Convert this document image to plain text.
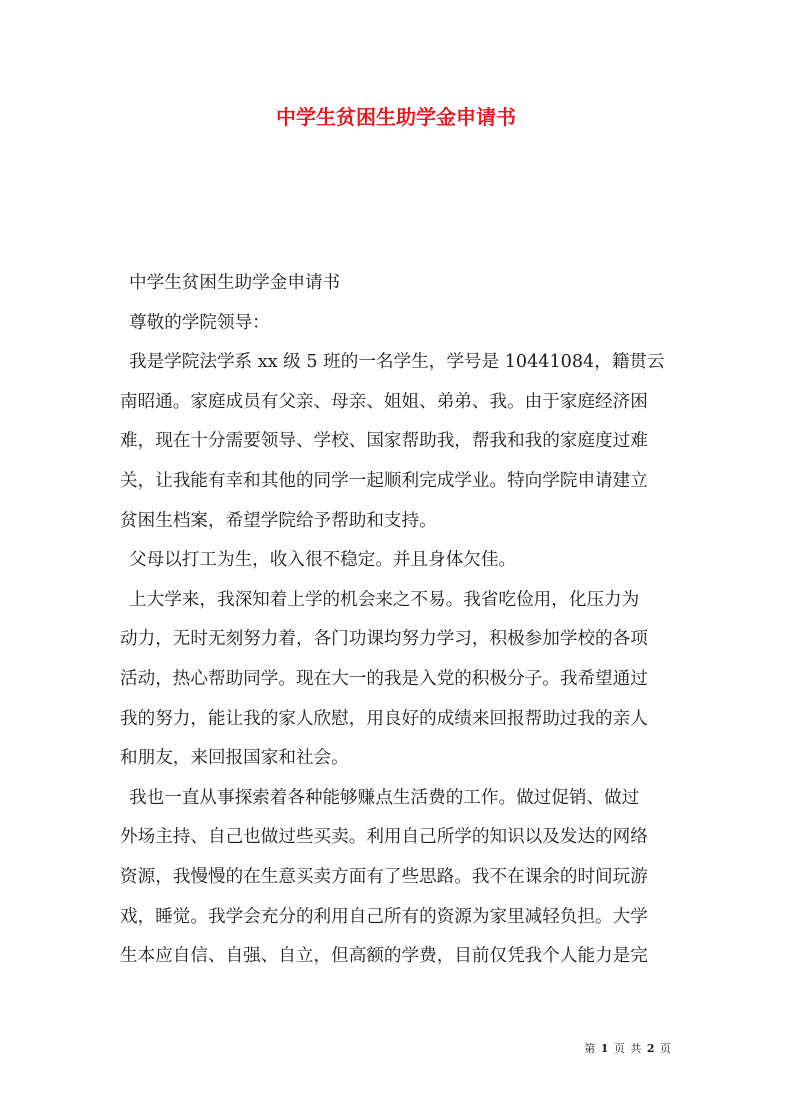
中学生贫困生助学金申请书
中学生贫困生助学金申请书
尊敬的学院领导：
我是学院法学系 xx 级 5 班的一名学生，学号是 10441084，籍贯云
南昭通。家庭成员有父亲、母亲、姐姐、弟弟、我。由于家庭经济困
难，现在十分需要领导、学校、国家帮助我，帮我和我的家庭度过难
关，让我能有幸和其他的同学一起顺利完成学业。特向学院申请建立
贫困生档案，希望学院给予帮助和支持。
父母以打工为生，收入很不稳定。并且身体欠佳。
上大学来，我深知着上学的机会来之不易。我省吃俭用，化压力为
动力，无时无刻努力着，各门功课均努力学习，积极参加学校的各项
活动，热心帮助同学。现在大一的我是入党的积极分子。我希望通过
我的努力，能让我的家人欣慰，用良好的成绩来回报帮助过我的亲人
和朋友，来回报国家和社会。
我也一直从事探索着各种能够赚点生活费的工作。做过促销、做过
外场主持、自己也做过些买卖。利用自己所学的知识以及发达的网络
资源，我慢慢的在生意买卖方面有了些思路。我不在课余的时间玩游
戏，睡觉。我学会充分的利用自己所有的资源为家里减轻负担。大学
生本应自信、自强、自立，但高额的学费，目前仅凭我个人能力是完
第 1 页 共 2 页
